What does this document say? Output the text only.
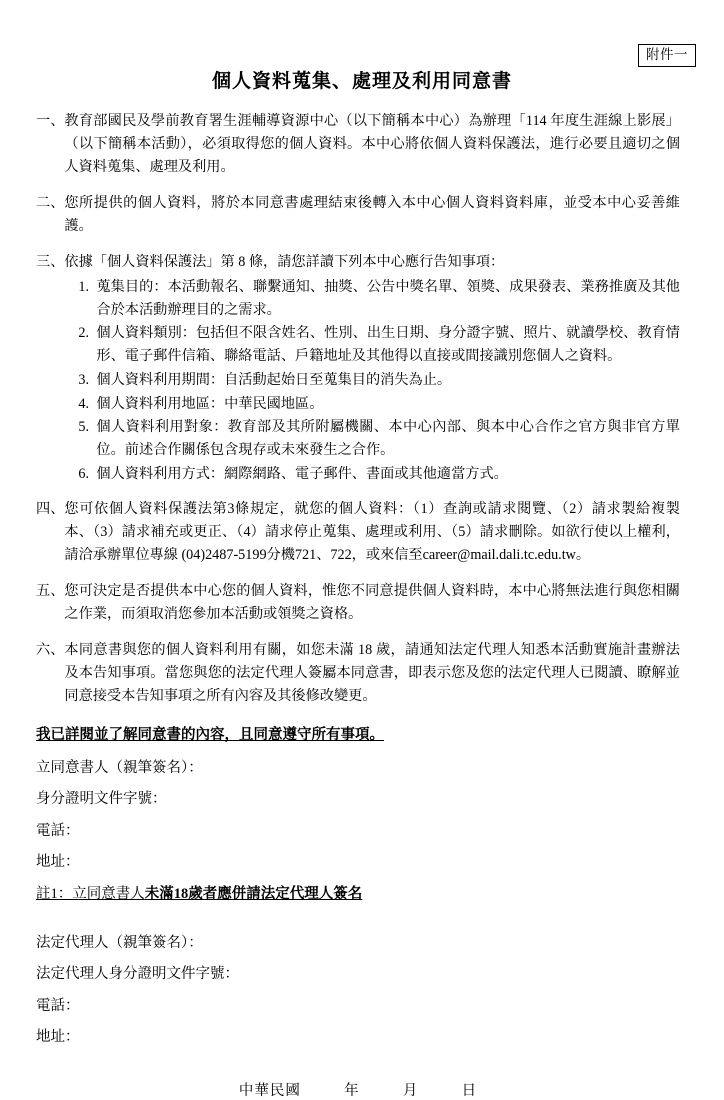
附件一
個人資料蒐集、處理及利用同意書
一、 教育部國民及學前教育署生涯輔導資源中心（以下簡稱本中心）為辦理「114 年度生涯線上影展」（以下簡稱本活動），必須取得您的個人資料。本中心將依個人資料保護法，進行必要且適切之個人資料蒐集、處理及利用。
二、 您所提供的個人資料，將於本同意書處理結束後轉入本中心個人資料資料庫，並受本中心妥善維護。
三、 依據「個人資料保護法」第 8 條，請您詳讀下列本中心應行告知事項：
1. 蒐集目的：本活動報名、聯繫通知、抽獎、公告中獎名單、領獎、成果發表、業務推廣及其他合於本活動辦理目的之需求。
2. 個人資料類別：包括但不限含姓名、性別、出生日期、身分證字號、照片、就讀學校、教育情形、電子郵件信箱、聯絡電話、戶籍地址及其他得以直接或間接識別您個人之資料。
3. 個人資料利用期間：自活動起始日至蒐集目的消失為止。
4. 個人資料利用地區：中華民國地區。
5. 個人資料利用對象：教育部及其所附屬機關、本中心內部、與本中心合作之官方與非官方單位。前述合作關係包含現存或未來發生之合作。
6. 個人資料利用方式：網際網路、電子郵件、書面或其他適當方式。
四、 您可依個人資料保護法第3條規定，就您的個人資料：（1）查詢或請求閱覽、（2）請求製給複製本、（3）請求補充或更正、（4）請求停止蒐集、處理或利用、（5）請求刪除。如欲行使以上權利，請洽承辦單位專線 (04)2487-5199分機721、722，或來信至career@mail.dali.tc.edu.tw。
五、 您可決定是否提供本中心您的個人資料，惟您不同意提供個人資料時，本中心將無法進行與您相關之作業，而須取消您參加本活動或領獎之資格。
六、 本同意書與您的個人資料利用有關，如您未滿 18 歲，請通知法定代理人知悉本活動實施計畫辦法及本告知事項。當您與您的法定代理人簽屬本同意書，即表示您及您的法定代理人已閱讀、瞭解並同意接受本告知事項之所有內容及其後修改變更。
我已詳閱並了解同意書的內容，且同意遵守所有事項。
立同意書人（親筆簽名）：
身分證明文件字號：
電話：
地址：
註1：立同意書人未滿18歲者應併請法定代理人簽名
法定代理人（親筆簽名）：
法定代理人身分證明文件字號：
電話：
地址：
中華民國	年	月	日
